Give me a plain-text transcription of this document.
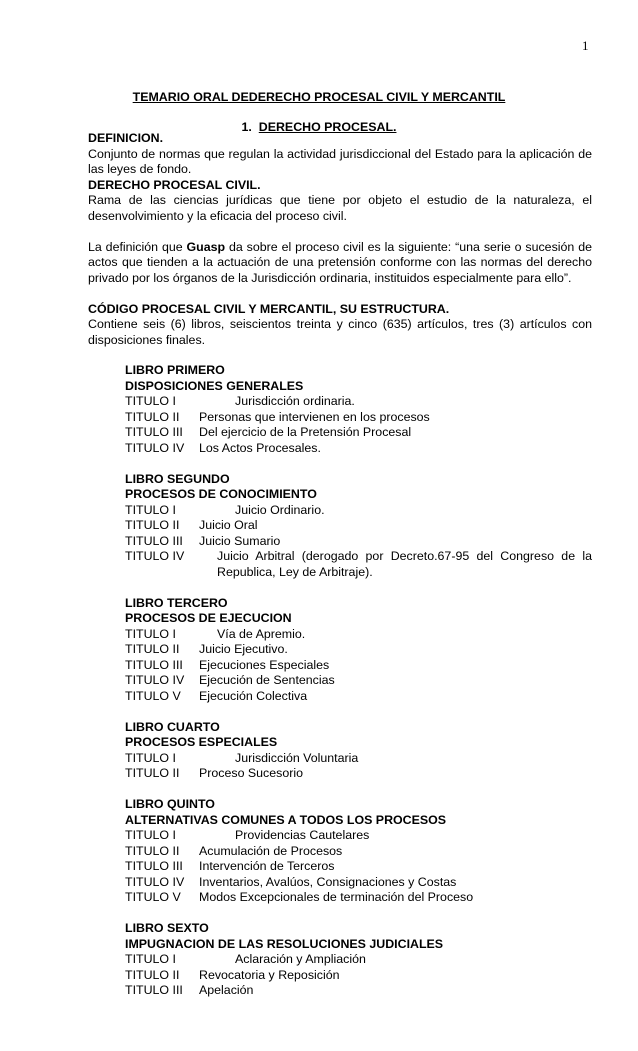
1
TEMARIO ORAL DEDERECHO PROCESAL CIVIL Y MERCANTIL
1. DERECHO PROCESAL.

DEFINICION.

Conjunto de normas que regulan la actividad jurisdiccional del Estado para la aplicación de las leyes de fondo.

DERECHO PROCESAL CIVIL.

Rama de las ciencias jurídicas que tiene por objeto el estudio de la naturaleza, el desenvolvimiento y la eficacia del proceso civil.

La definición que Guasp da sobre el proceso civil es la siguiente: “una serie o sucesión de actos que tienden a la actuación de una pretensión conforme con las normas del derecho privado por los órganos de la Jurisdicción ordinaria, instituidos especialmente para ello”.

CÓDIGO PROCESAL CIVIL Y MERCANTIL, SU ESTRUCTURA.

Contiene seis (6) libros, seiscientos treinta y cinco (635) artículos, tres (3) artículos con disposiciones finales.

LIBRO PRIMERO
DISPOSICIONES GENERALES
TITULO I	Jurisdicción ordinaria.
TITULO II	Personas que intervienen en los procesos
TITULO III	Del ejercicio de la Pretensión Procesal
TITULO IV	Los Actos Procesales.
LIBRO SEGUNDO
PROCESOS DE CONOCIMIENTO
TITULO I	Juicio Ordinario.
TITULO II	Juicio Oral
TITULO III	Juicio Sumario
TITULO IV	Juicio Arbitral (derogado por Decreto.67-95 del Congreso de la Republica, Ley de Arbitraje).
LIBRO TERCERO
PROCESOS DE EJECUCION
TITULO I	Vía de Apremio.
TITULO II	Juicio Ejecutivo.
TITULO III	Ejecuciones Especiales
TITULO IV	Ejecución de Sentencias
TITULO V	Ejecución Colectiva
LIBRO CUARTO
PROCESOS ESPECIALES
TITULO I	Jurisdicción Voluntaria
TITULO II	Proceso Sucesorio
LIBRO QUINTO
ALTERNATIVAS COMUNES A TODOS LOS PROCESOS
TITULO I	Providencias Cautelares
TITULO II	Acumulación de Procesos
TITULO III	Intervención de Terceros
TITULO IV	Inventarios, Avalúos, Consignaciones y Costas
TITULO V	Modos Excepcionales de terminación del Proceso
LIBRO SEXTO
IMPUGNACION DE LAS RESOLUCIONES JUDICIALES
TITULO I	Aclaración y Ampliación
TITULO II	Revocatoria y Reposición
TITULO III	Apelación
